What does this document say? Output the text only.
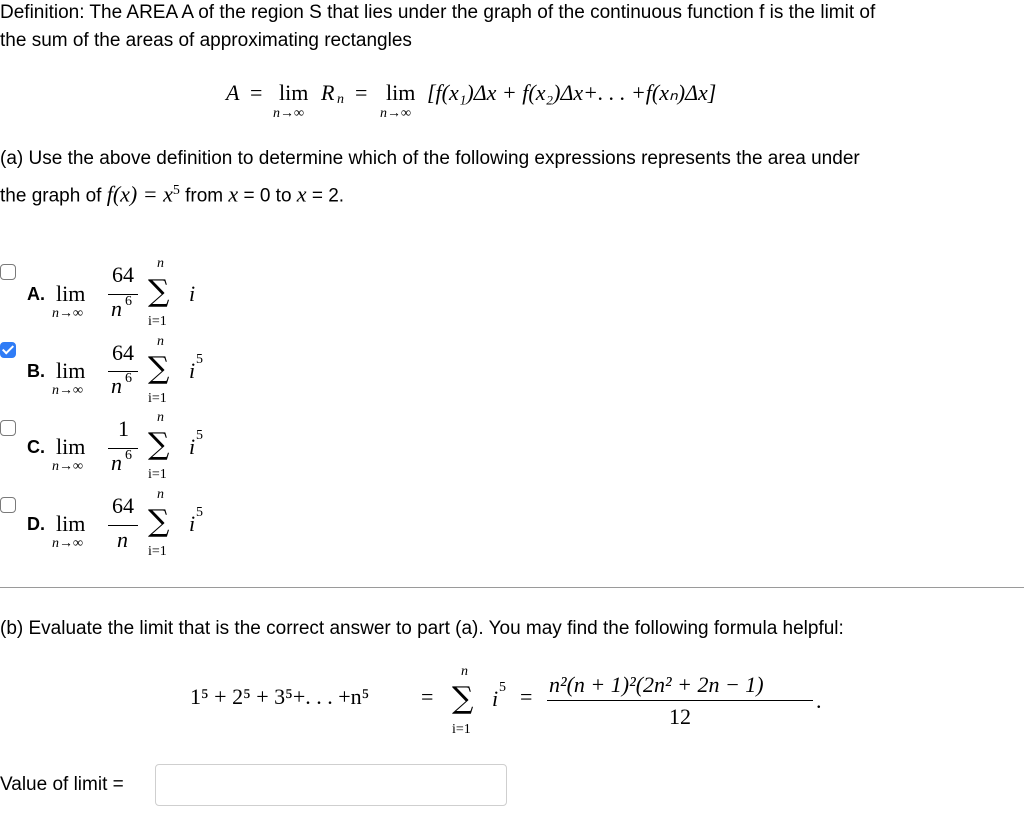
Definition: The AREA A of the region S that lies under the graph of the continuous function f is the limit of
the sum of the areas of approximating rectangles
A = lim
n→∞
R n = lim
n→∞
[f(x₁)Δx + f(x₂)Δx+. . . +f(xₙ)Δx]
(a) Use the above definition to determine which of the following expressions represents the area under
the graph of $f(x) = x^5$ from x = 0 to x = 2.
A. lim
n→∞
64
n 6
n
∑
i=1
i
B. lim
n→∞
64
n 6
n
∑
i=1
i 5
C. lim
n→∞
1
n 6
n
∑
i=1
i 5
D. lim
n→∞
64
n
n
∑
i=1
i 5
(b) Evaluate the limit that is the correct answer to part (a). You may find the following formula helpful:
1⁵ + 2⁵ + 3⁵+. . . +n⁵ =
n
∑
i=1
i 5 = n²(n + 1)²(2n² + 2n − 1)
12
.
Value of limit =
